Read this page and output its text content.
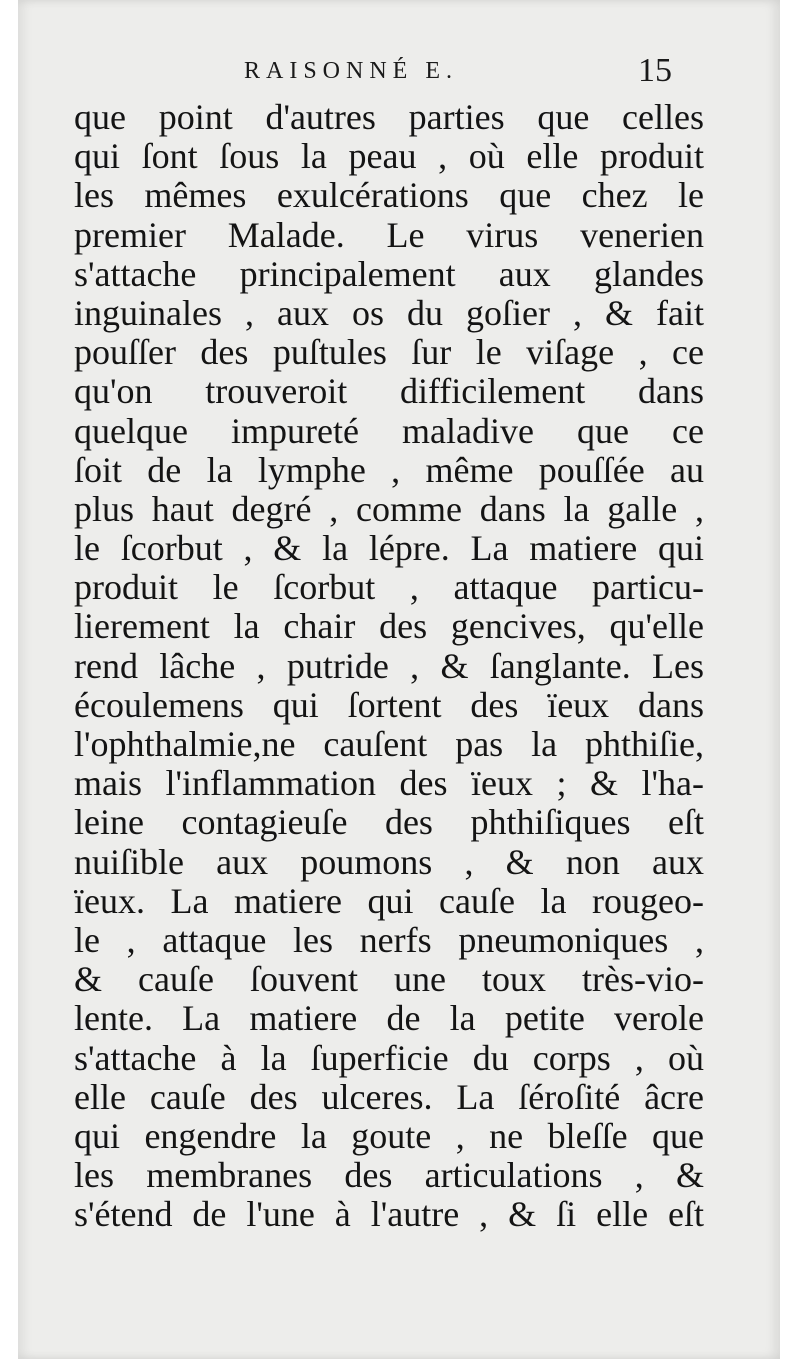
RAISONNÉ E.	15
que point d'autres parties que celles
qui ſont ſous la peau , où elle produit
les mêmes exulcérations que chez le
premier Malade. Le virus venerien
s'attache principalement aux glandes
inguinales , aux os du goſier , & fait
pouſſer des puſtules ſur le viſage , ce
qu'on trouveroit difficilement dans
quelque impureté maladive que ce
ſoit de la lymphe , même pouſſée au
plus haut degré , comme dans la galle ,
le ſcorbut , & la lépre. La matiere qui
produit le ſcorbut , attaque particu-
lierement la chair des gencives, qu'elle
rend lâche , putride , & ſanglante. Les
écoulemens qui ſortent des ïeux dans
l'ophthalmie,ne cauſent pas la phthiſie,
mais l'inflammation des ïeux ; & l'ha-
leine contagieuſe des phthiſiques eſt
nuiſible aux poumons , & non aux
ïeux. La matiere qui cauſe la rougeo-
le , attaque les nerfs pneumoniques ,
& cauſe ſouvent une toux très-vio-
lente. La matiere de la petite verole
s'attache à la ſuperficie du corps , où
elle cauſe des ulceres. La ſéroſité âcre
qui engendre la goute , ne bleſſe que
les membranes des articulations , &
s'étend de l'une à l'autre , & ſi elle eſt
